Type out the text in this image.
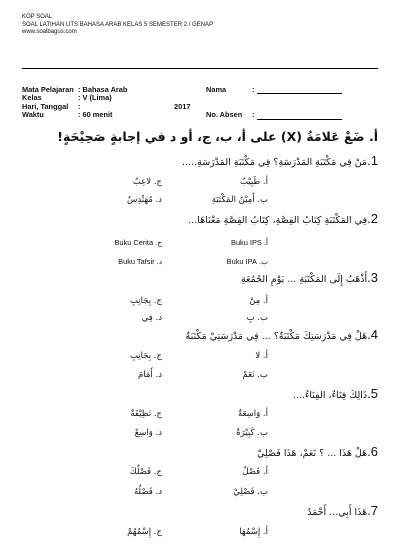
KOP SOAL
SOAL LATIHAN UTS BAHASA ARAB KELAS 5 SEMESTER 2 / GENAP
www.soalbagus.com
Mata Pelajaran : Bahasa Arab
Kelas	: V (Lima)
Hari, Tanggal :	2017
Waktu	: 60 menit
Nama	:
No. Absen :
أ. ضَعْ عَلامَةُ (X) على أ، ب، ج، أو د في إجابةٍ صَحِيْحَةٍ!
1.مَنْ فِي مَكْتَبَةِ المَدْرَسَةِ؟ فِي مَكْتَبَةِ المَدْرَسَةِ.....
أ. طَبِيْبٌ
ج. لاعِبٌ
ب. أَمِيْنُ المَكْتَبَةِ
د. مُهَنْدِسٌ
2.فِي المَكْتَبَةِ كِتَابُ القِصَّةِ، كِتَابُ القِصَّةِ مَعْنَاهَا...
أ. Buku IPS
ج. Buku Cerita
ب. Buku IPA
د. Buku Tafsir
3.أَذْهَبُ إِلَى المَكْتَبَةِ ... يَوْمِ الجُمُعَةِ
أ. مِنْ
ج. بِجَانِبِ
ب. بِ
د. فِي
4.هَلْ فِي مَدْرَسَتِكَ مَكْتَبَةٌ؟ ... فِي مَدْرَسَتِيْ مَكْتَبَةٌ
أ. لا
ج. بِجَانِبِ
ب. نَعَمْ
د. أَمَامَ
5.ذَالِكَ فِنَاءٌ، الفِنَاءُ....
أ. وَاسِعَةٌ
ج. نَظِيْفَةٌ
ب. كَبِيْرَةٌ
د. وَاسِعٌ
6.هَلْ هَذَا ... ؟ نَعَمْ، هَذَا فَصْلِيْ
أ. فَصْلٌ
ج. فَصْلُكَ
ب. فَصْلِيْ
د. فَصْلُهُ
7.هَذَا أَبِي... أَحْمَدُ
أ. إِسْمُهَا
ج. إِسْمُهُمْ
